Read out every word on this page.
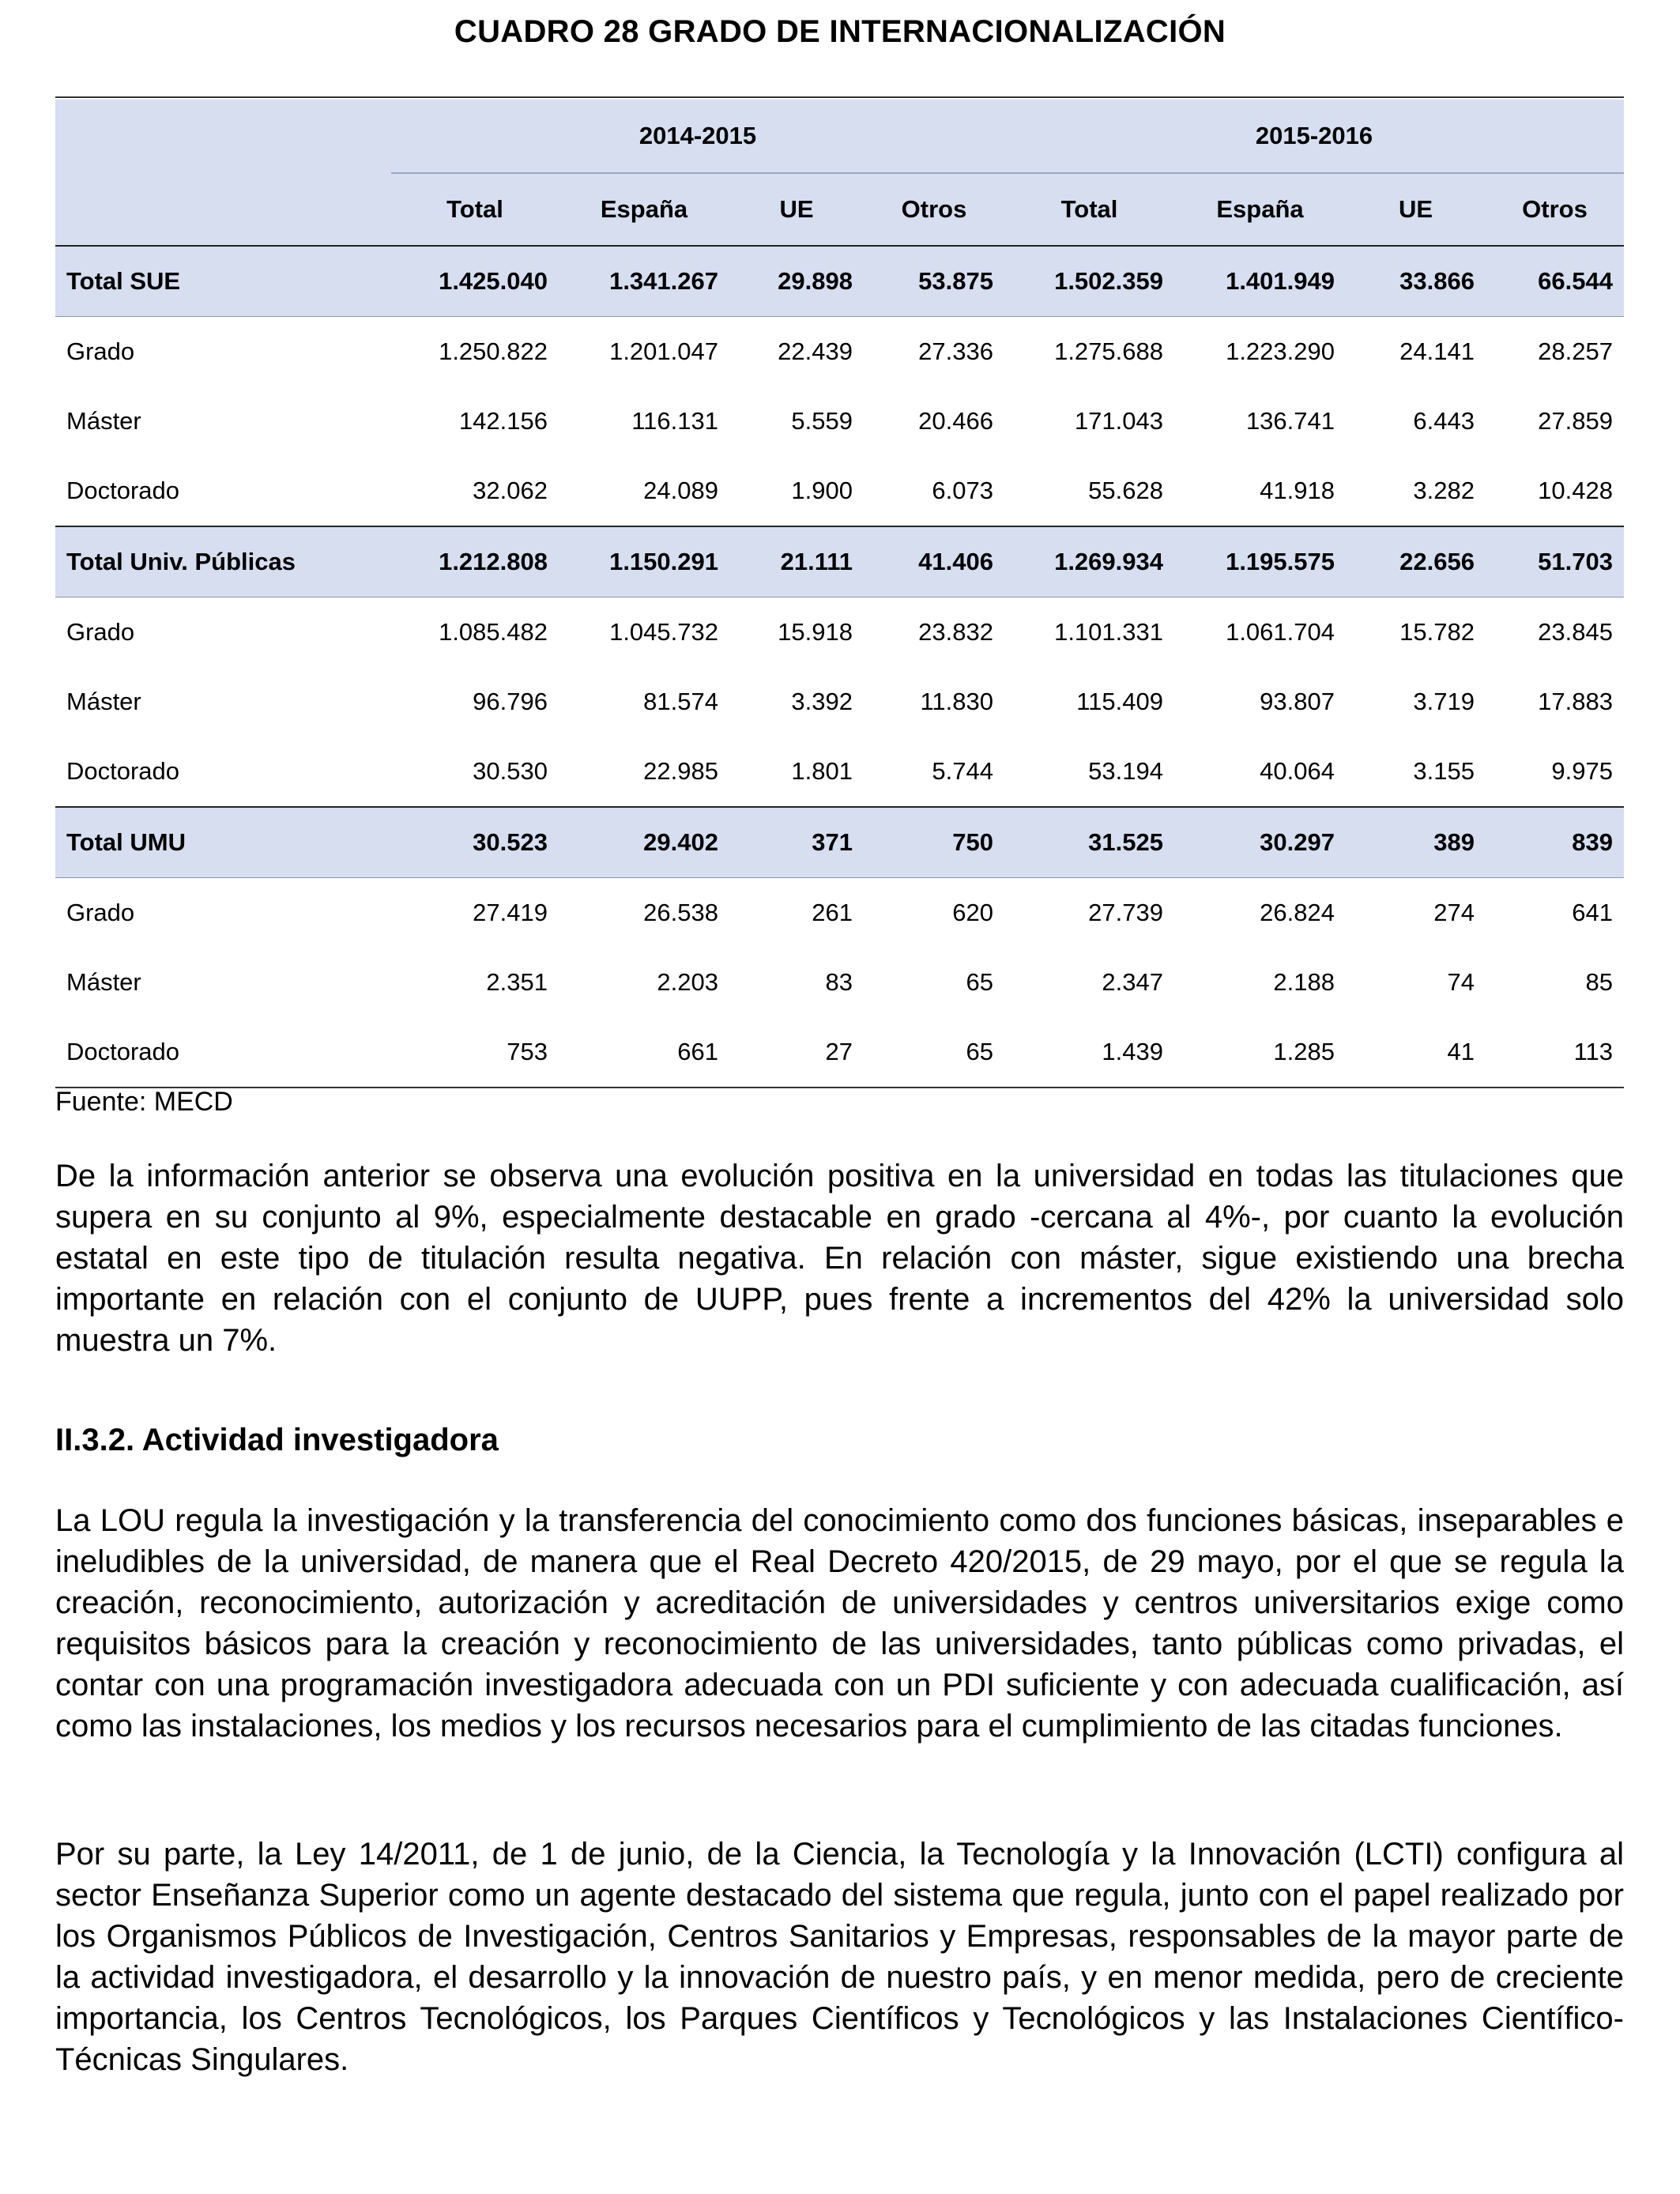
CUADRO 28 GRADO DE INTERNACIONALIZACIÓN
	2014-2015				2015-2016			
	Total	España	UE	Otros	Total	España	UE	Otros
Total SUE	1.425.040	1.341.267	29.898	53.875	1.502.359	1.401.949	33.866	66.544
Grado	1.250.822	1.201.047	22.439	27.336	1.275.688	1.223.290	24.141	28.257
Máster	142.156	116.131	5.559	20.466	171.043	136.741	6.443	27.859
Doctorado	32.062	24.089	1.900	6.073	55.628	41.918	3.282	10.428
Total Univ. Públicas	1.212.808	1.150.291	21.111	41.406	1.269.934	1.195.575	22.656	51.703
Grado	1.085.482	1.045.732	15.918	23.832	1.101.331	1.061.704	15.782	23.845
Máster	96.796	81.574	3.392	11.830	115.409	93.807	3.719	17.883
Doctorado	30.530	22.985	1.801	5.744	53.194	40.064	3.155	9.975
Total UMU	30.523	29.402	371	750	31.525	30.297	389	839
Grado	27.419	26.538	261	620	27.739	26.824	274	641
Máster	2.351	2.203	83	65	2.347	2.188	74	85
Doctorado	753	661	27	65	1.439	1.285	41	113
Fuente: MECD

De la información anterior se observa una evolución positiva en la universidad en todas las titulaciones que supera en su conjunto al 9%, especialmente destacable en grado -cercana al 4%-, por cuanto la evolución estatal en este tipo de titulación resulta negativa. En relación con máster, sigue existiendo una brecha importante en relación con el conjunto de UUPP, pues frente a incrementos del 42% la universidad solo muestra un 7%.

II.3.2. Actividad investigadora

La LOU regula la investigación y la transferencia del conocimiento como dos funciones básicas, inseparables e ineludibles de la universidad, de manera que el Real Decreto 420/2015, de 29 mayo, por el que se regula la creación, reconocimiento, autorización y acreditación de universidades y centros universitarios exige como requisitos básicos para la creación y reconocimiento de las universidades, tanto públicas como privadas, el contar con una programación investigadora adecuada con un PDI suficiente y con adecuada cualificación, así como las instalaciones, los medios y los recursos necesarios para el cumplimiento de las citadas funciones.

Por su parte, la Ley 14/2011, de 1 de junio, de la Ciencia, la Tecnología y la Innovación (LCTI) configura al sector Enseñanza Superior como un agente destacado del sistema que regula, junto con el papel realizado por los Organismos Públicos de Investigación, Centros Sanitarios y Empresas, responsables de la mayor parte de la actividad investigadora, el desarrollo y la innovación de nuestro país, y en menor medida, pero de creciente importancia, los Centros Tecnológicos, los Parques Científicos y Tecnológicos y las Instalaciones Científico-Técnicas Singulares.
